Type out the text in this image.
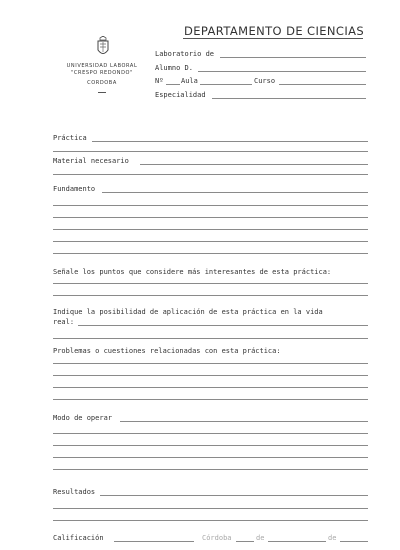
UNIVERSIDAD LABORAL
"CRESPO REDONDO"
CORDOBA
DEPARTAMENTO DE CIENCIAS
Laboratorio de
Alumno D.
Nº	Aula	Curso
Especialidad
Práctica
Material necesario
Fundamento
Señale los puntos que considere más interesantes de esta práctica:
Indique la posibilidad de aplicación de esta práctica en la vida
real:
Problemas o cuestiones relacionadas con esta práctica:
Modo de operar
Resultados
Calificación	Córdoba	de	de
